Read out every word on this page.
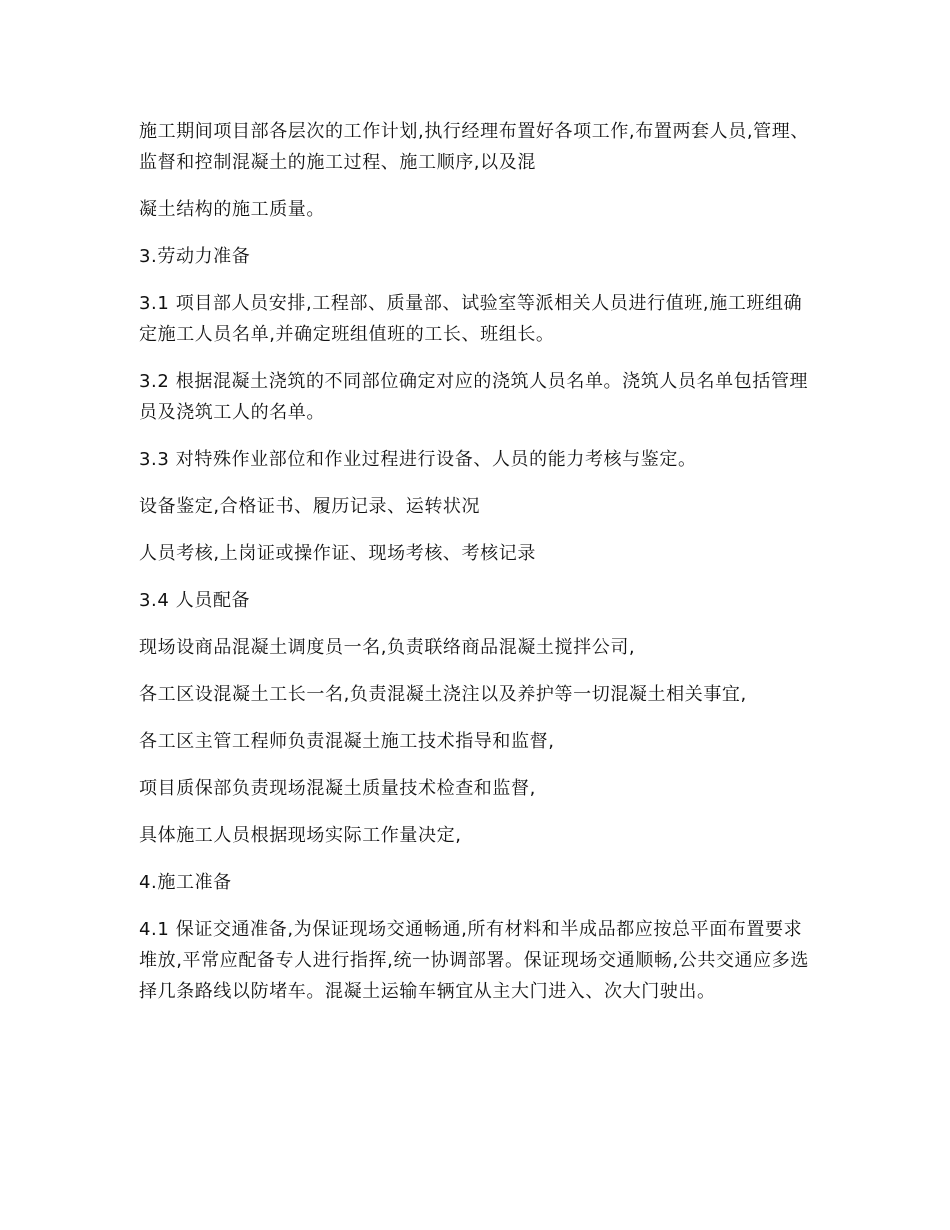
施工期间项目部各层次的工作计划,执行经理布置好各项工作,布置两套人员,管理、监督和控制混凝土的施工过程、施工顺序,以及混

凝土结构的施工质量。

3.劳动力准备

3.1 项目部人员安排,工程部、质量部、试验室等派相关人员进行值班,施工班组确定施工人员名单,并确定班组值班的工长、班组长。

3.2 根据混凝土浇筑的不同部位确定对应的浇筑人员名单。浇筑人员名单包括管理员及浇筑工人的名单。

3.3 对特殊作业部位和作业过程进行设备、人员的能力考核与鉴定。

设备鉴定,合格证书、履历记录、运转状况

人员考核,上岗证或操作证、现场考核、考核记录

3.4 人员配备

现场设商品混凝土调度员一名,负责联络商品混凝土搅拌公司,

各工区设混凝土工长一名,负责混凝土浇注以及养护等一切混凝土相关事宜,

各工区主管工程师负责混凝土施工技术指导和监督,

项目质保部负责现场混凝土质量技术检查和监督,

具体施工人员根据现场实际工作量决定,

4.施工准备

4.1 保证交通准备,为保证现场交通畅通,所有材料和半成品都应按总平面布置要求堆放,平常应配备专人进行指挥,统一协调部署。保证现场交通顺畅,公共交通应多选择几条路线以防堵车。混凝土运输车辆宜从主大门进入、次大门驶出。
